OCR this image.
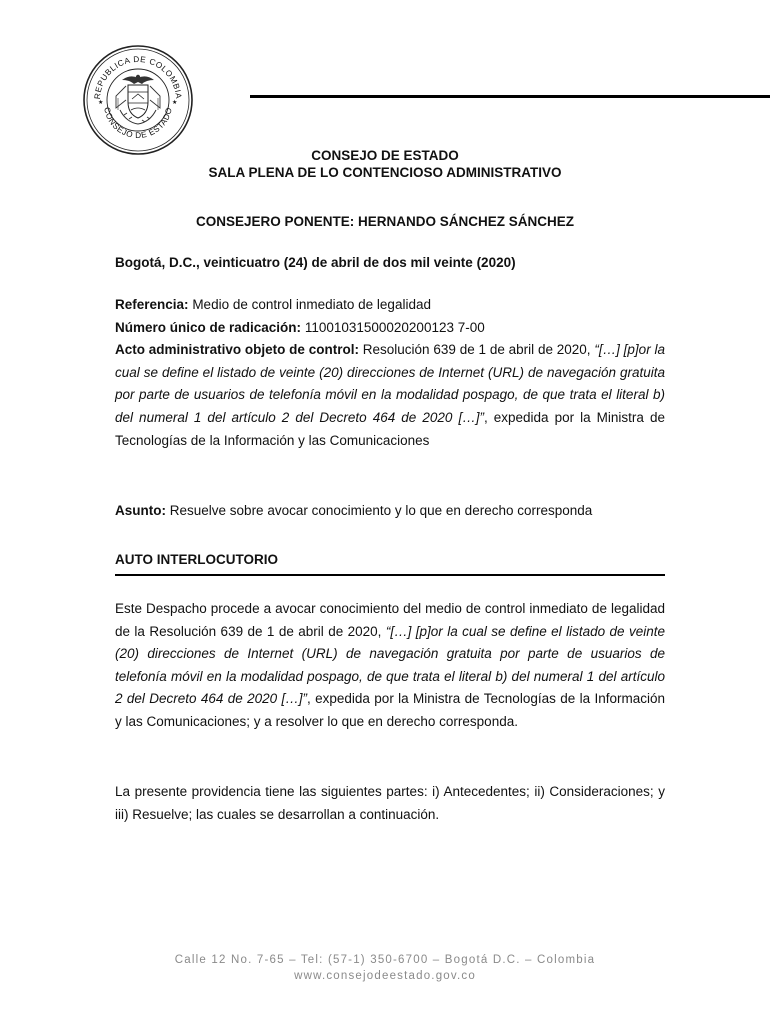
REPUBLICA DE COLOMBIA
CONSEJO DE ESTADO
★	★
CONSEJO DE ESTADO
SALA PLENA DE LO CONTENCIOSO ADMINISTRATIVO
CONSEJERO PONENTE: HERNANDO SÁNCHEZ SÁNCHEZ
Bogotá, D.C., veinticuatro (24) de abril de dos mil veinte (2020)
Referencia: Medio de control inmediato de legalidad
Número único de radicación: 11001031500020200123 7-00
Acto administrativo objeto de control: Resolución 639 de 1 de abril de 2020, “[…] [p]or la cual se define el listado de veinte (20) direcciones de Internet (URL) de navegación gratuita por parte de usuarios de telefonía móvil en la modalidad pospago, de que trata el literal b) del numeral 1 del artículo 2 del Decreto 464 de 2020 […]”, expedida por la Ministra de Tecnologías de la Información y las Comunicaciones
Asunto: Resuelve sobre avocar conocimiento y lo que en derecho corresponda
AUTO INTERLOCUTORIO
Este Despacho procede a avocar conocimiento del medio de control inmediato de legalidad de la Resolución 639 de 1 de abril de 2020, “[…] [p]or la cual se define el listado de veinte (20) direcciones de Internet (URL) de navegación gratuita por parte de usuarios de telefonía móvil en la modalidad pospago, de que trata el literal b) del numeral 1 del artículo 2 del Decreto 464 de 2020 […]”, expedida por la Ministra de Tecnologías de la Información y las Comunicaciones; y a resolver lo que en derecho corresponda.
La presente providencia tiene las siguientes partes: i) Antecedentes; ii) Consideraciones; y iii) Resuelve; las cuales se desarrollan a continuación.
Calle 12 No. 7-65 – Tel: (57-1) 350-6700 – Bogotá D.C. – Colombia
www.consejodeestado.gov.co
